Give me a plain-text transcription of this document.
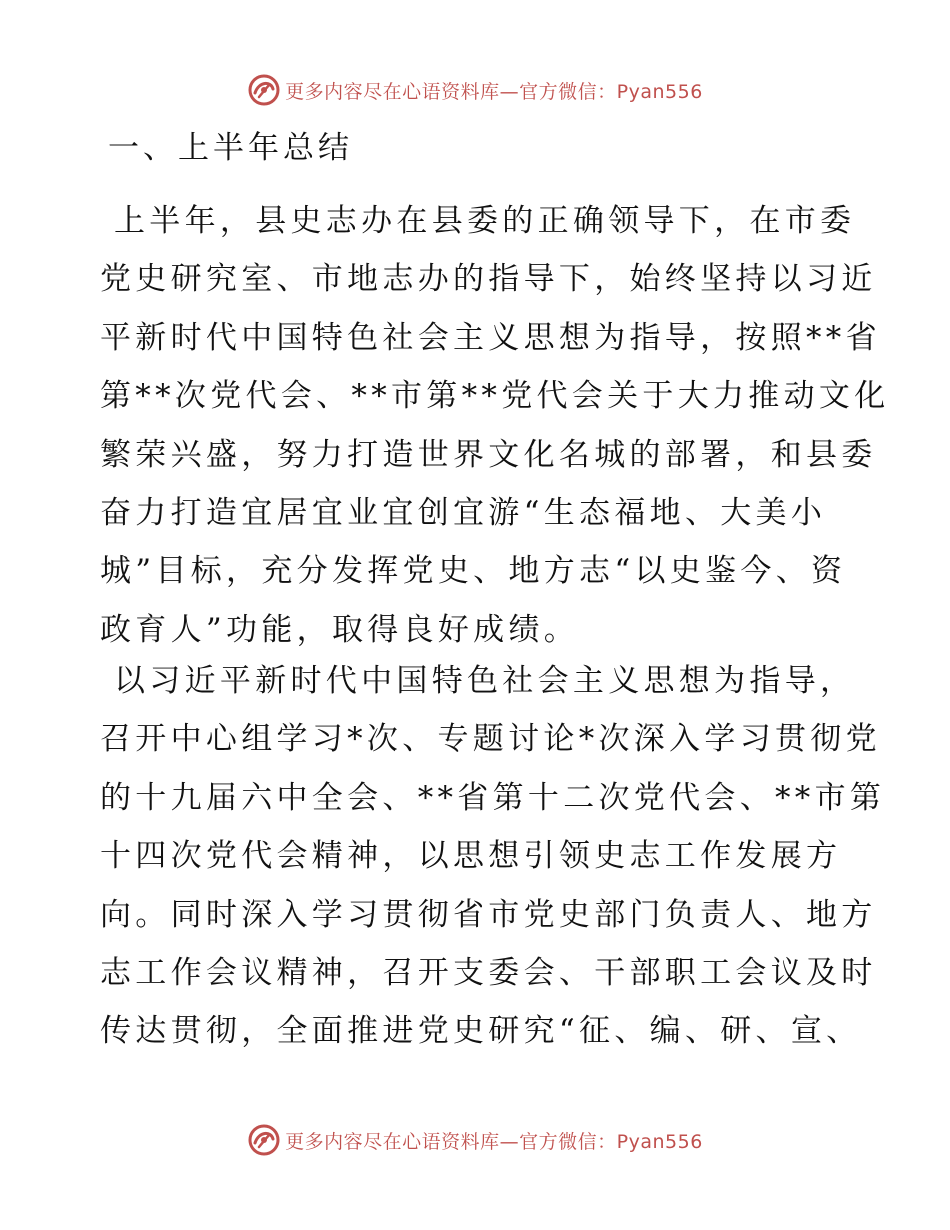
更多内容尽在心语资料库—官方微信：Pyan556
一、上半年总结
上半年，县史志办在县委的正确领导下，在市委
党史研究室、市地志办的指导下，始终坚持以习近
平新时代中国特色社会主义思想为指导，按照**省
第**次党代会、**市第**党代会关于大力推动文化
繁荣兴盛，努力打造世界文化名城的部署，和县委
奋力打造宜居宜业宜创宜游“生态福地、大美小
城”目标，充分发挥党史、地方志“以史鉴今、资
政育人”功能，取得良好成绩。
以习近平新时代中国特色社会主义思想为指导，
召开中心组学习*次、专题讨论*次深入学习贯彻党
的十九届六中全会、**省第十二次党代会、**市第
十四次党代会精神，以思想引领史志工作发展方
向。同时深入学习贯彻省市党史部门负责人、地方
志工作会议精神，召开支委会、干部职工会议及时
传达贯彻，全面推进党史研究“征、编、研、宣、
更多内容尽在心语资料库—官方微信：Pyan556
